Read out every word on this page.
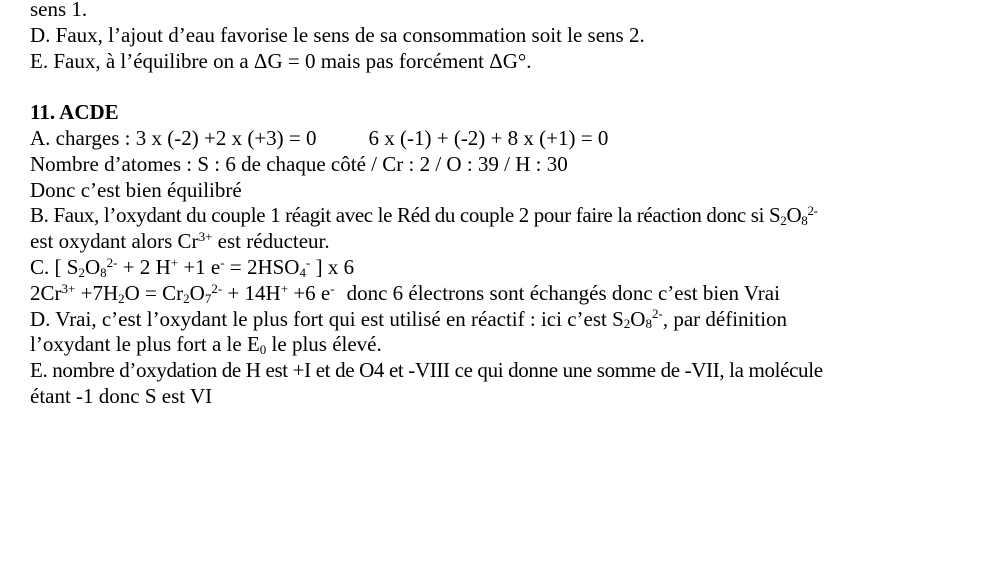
sens 1.
D. Faux, l’ajout d’eau favorise le sens de sa consommation soit le sens 2.
E. Faux, à l’équilibre on a ΔG = 0 mais pas forcément ΔG°.
11. ACDE
A. charges : 3 x (-2) +2 x (+3) = 0 6 x (-1) + (-2) + 8 x (+1) = 0
Nombre d’atomes : S : 6 de chaque côté / Cr : 2 / O : 39 / H : 30
Donc c’est bien équilibré
B. Faux, l’oxydant du couple 1 réagit avec le Réd du couple 2 pour faire la réaction donc si $S_2O_8^{2-}$
est oxydant alors $Cr^{3+}$ est réducteur.
C. [ $S_2O_8^{2-} + 2$ H+ +1 $e^- = 2HSO_4^-$ ] x 6
$2Cr^{3+} +7H_2O = Cr_2O_7^{2-} + 14H^+ +6$ e- donc 6 électrons sont échangés donc c’est bien Vrai
D. Vrai, c’est l’oxydant le plus fort qui est utilisé en réactif : ici c’est $S_2O_8^{2-}$, par définition
l’oxydant le plus fort a le $E_0$ le plus élevé.
E. nombre d’oxydation de H est +I et de O4 et -VIII ce qui donne une somme de -VII, la molécule
étant -1 donc S est VI
